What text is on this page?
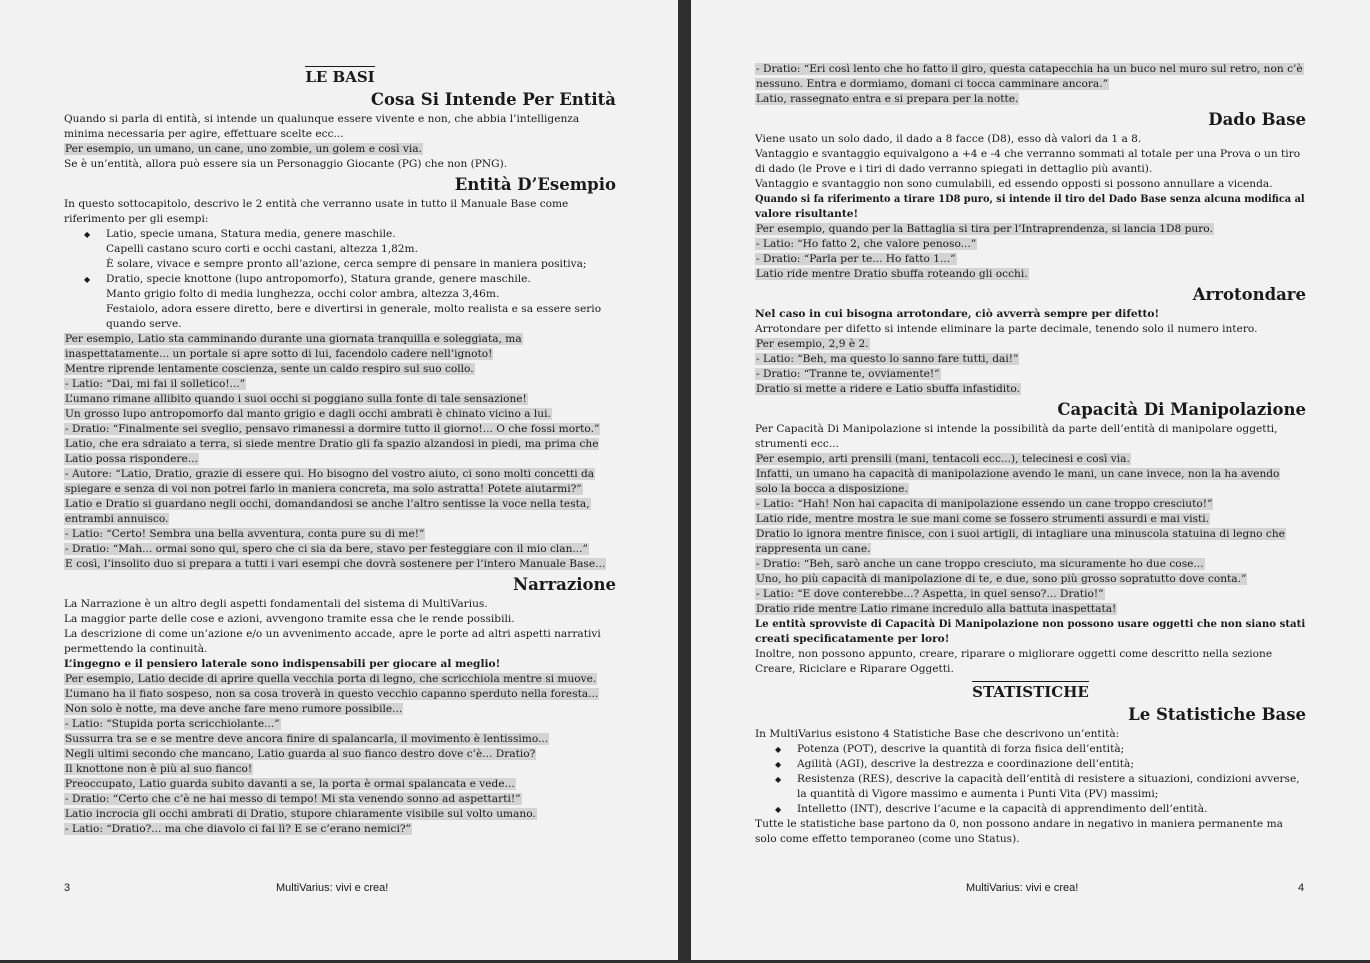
LE BASI
Cosa Si Intende Per Entità
Quando si parla di entità, si intende un qualunque essere vivente e non, che abbia l’intelligenza
minima necessaria per agire, effettuare scelte ecc...
Per esempio, un umano, un cane, uno zombie, un golem e così via.
Se è un’entità, allora può essere sia un Personaggio Giocante (PG) che non (PNG).
Entità D’Esempio
In questo sottocapitolo, descrivo le 2 entità che verranno usate in tutto il Manuale Base come
riferimento per gli esempi:
◆ Latio, specie umana, Statura media, genere maschile.
Capelli castano scuro corti e occhi castani, altezza 1,82m.
È solare, vivace e sempre pronto all’azione, cerca sempre di pensare in maniera positiva;
◆ Dratio, specie knottone (lupo antropomorfo), Statura grande, genere maschile.
Manto grigio folto di media lunghezza, occhi color ambra, altezza 3,46m.
Festaiolo, adora essere diretto, bere e divertirsi in generale, molto realista e sa essere serio
quando serve.
Per esempio, Latio sta camminando durante una giornata tranquilla e soleggiata, ma
inaspettatamente... un portale si apre sotto di lui, facendolo cadere nell’ignoto!
Mentre riprende lentamente coscienza, sente un caldo respiro sul suo collo.
- Latio: “Dai, mi fai il solletico!...”
L’umano rimane allibito quando i suoi occhi si poggiano sulla fonte di tale sensazione!
Un grosso lupo antropomorfo dal manto grigio e dagli occhi ambrati è chinato vicino a lui.
- Dratio: “Finalmente sei sveglio, pensavo rimanessi a dormire tutto il giorno!... O che fossi morto.”
Latio, che era sdraiato a terra, si siede mentre Dratio gli fa spazio alzandosi in piedi, ma prima che
Latio possa rispondere...
- Autore: “Latio, Dratio, grazie di essere qui. Ho bisogno del vostro aiuto, ci sono molti concetti da
spiegare e senza di voi non potrei farlo in maniera concreta, ma solo astratta! Potete aiutarmi?”
Latio e Dratio si guardano negli occhi, domandandosi se anche l’altro sentisse la voce nella testa,
entrambi annuisco.
- Latio: “Certo! Sembra una bella avventura, conta pure su di me!”
- Dratio: “Mah... ormai sono qui, spero che ci sia da bere, stavo per festeggiare con il mio clan...”
E così, l’insolito duo si prepara a tutti i vari esempi che dovrà sostenere per l’intero Manuale Base...
Narrazione
La Narrazione è un altro degli aspetti fondamentali del sistema di MultiVarius.
La maggior parte delle cose e azioni, avvengono tramite essa che le rende possibili.
La descrizione di come un’azione e/o un avvenimento accade, apre le porte ad altri aspetti narrativi
permettendo la continuità.
L’ingegno e il pensiero laterale sono indispensabili per giocare al meglio!
Per esempio, Latio decide di aprire quella vecchia porta di legno, che scricchiola mentre si muove.
L’umano ha il fiato sospeso, non sa cosa troverà in questo vecchio capanno sperduto nella foresta...
Non solo è notte, ma deve anche fare meno rumore possibile...
- Latio: “Stupida porta scricchiolante...”
Sussurra tra se e se mentre deve ancora finire di spalancarla, il movimento è lentissimo...
Negli ultimi secondo che mancano, Latio guarda al suo fianco destro dove c’è... Dratio?
Il knottone non è più al suo fianco!
Preoccupato, Latio guarda subito davanti a se, la porta è ormai spalancata e vede...
- Dratio: “Certo che c’è ne hai messo di tempo! Mi sta venendo sonno ad aspettarti!”
Latio incrocia gli occhi ambrati di Dratio, stupore chiaramente visibile sul volto umano.
- Latio: “Dratio?... ma che diavolo ci fai lì? E se c’erano nemici?”
3	MultiVarius: vivi e crea!
- Dratio: “Eri così lento che ho fatto il giro, questa catapecchia ha un buco nel muro sul retro, non c’è
nessuno. Entra e dormiamo, domani ci tocca camminare ancora.”
Latio, rassegnato entra e si prepara per la notte.
Dado Base
Viene usato un solo dado, il dado a 8 facce (D8), esso dà valori da 1 a 8.
Vantaggio e svantaggio equivalgono a +4 e -4 che verranno sommati al totale per una Prova o un tiro
di dado (le Prove e i tiri di dado verranno spiegati in dettaglio più avanti).
Vantaggio e svantaggio non sono cumulabili, ed essendo opposti si possono annullare a vicenda.
Quando si fa riferimento a tirare 1D8 puro, si intende il tiro del Dado Base senza alcuna modifica al
valore risultante!
Per esempio, quando per la Battaglia si tira per l’Intraprendenza, si lancia 1D8 puro.
- Latio: “Ho fatto 2, che valore penoso...”
- Dratio: “Parla per te... Ho fatto 1...”
Latio ride mentre Dratio sbuffa roteando gli occhi.
Arrotondare
Nel caso in cui bisogna arrotondare, ciò avverrà sempre per difetto!
Arrotondare per difetto si intende eliminare la parte decimale, tenendo solo il numero intero.
Per esempio, 2,9 è 2.
- Latio: “Beh, ma questo lo sanno fare tutti, dai!”
- Dratio: “Tranne te, ovviamente!”
Dratio si mette a ridere e Latio sbuffa infastidito.
Capacità Di Manipolazione
Per Capacità Di Manipolazione si intende la possibilità da parte dell’entità di manipolare oggetti,
strumenti ecc...
Per esempio, arti prensili (mani, tentacoli ecc...), telecinesi e così via.
Infatti, un umano ha capacità di manipolazione avendo le mani, un cane invece, non la ha avendo
solo la bocca a disposizione.
- Latio: “Hah! Non hai capacita di manipolazione essendo un cane troppo cresciuto!”
Latio ride, mentre mostra le sue mani come se fossero strumenti assurdi e mai visti.
Dratio lo ignora mentre finisce, con i suoi artigli, di intagliare una minuscola statuina di legno che
rappresenta un cane.
- Dratio: “Beh, sarò anche un cane troppo cresciuto, ma sicuramente ho due cose...
Uno, ho più capacità di manipolazione di te, e due, sono più grosso sopratutto dove conta.”
- Latio: “E dove conterebbe...? Aspetta, in quel senso?... Dratio!”
Dratio ride mentre Latio rimane incredulo alla battuta inaspettata!
Le entità sprovviste di Capacità Di Manipolazione non possono usare oggetti che non siano stati
creati specificatamente per loro!
Inoltre, non possono appunto, creare, riparare o migliorare oggetti come descritto nella sezione
Creare, Riciclare e Riparare Oggetti.
STATISTICHE
Le Statistiche Base
In MultiVarius esistono 4 Statistiche Base che descrivono un’entità:
◆ Potenza (POT), descrive la quantità di forza fisica dell’entità;
◆ Agilità (AGI), descrive la destrezza e coordinazione dell’entità;
◆ Resistenza (RES), descrive la capacità dell’entità di resistere a situazioni, condizioni avverse,
la quantità di Vigore massimo e aumenta i Punti Vita (PV) massimi;
◆ Intelletto (INT), descrive l’acume e la capacità di apprendimento dell’entità.
Tutte le statistiche base partono da 0, non possono andare in negativo in maniera permanente ma
solo come effetto temporaneo (come uno Status).
MultiVarius: vivi e crea!	4
